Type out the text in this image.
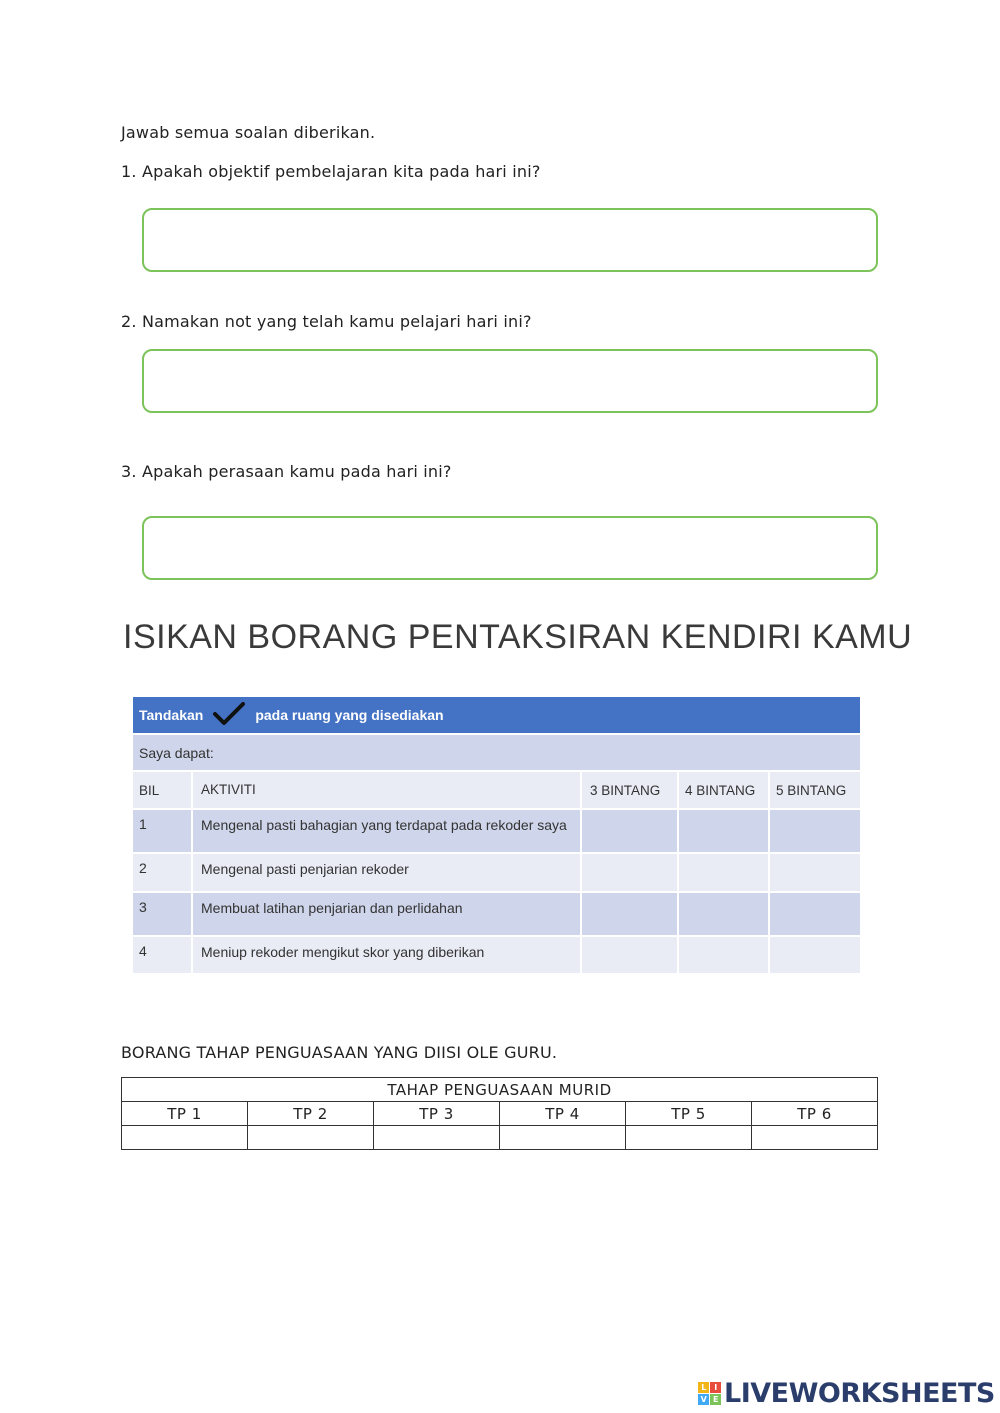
Jawab semua soalan diberikan.
1. Apakah objektif pembelajaran kita pada hari ini?
2. Namakan not yang telah kamu pelajari hari ini?
3. Apakah perasaan kamu pada hari ini?
ISIKAN BORANG PENTAKSIRAN KENDIRI KAMU
Tandakan	pada ruang yang disediakan
Saya dapat:
BIL	AKTIVITI	3 BINTANG	4 BINTANG	5 BINTANG
1	Mengenal pasti bahagian yang terdapat pada rekoder saya
2	Mengenal pasti penjarian rekoder
3	Membuat latihan penjarian dan perlidahan
4	Meniup rekoder mengikut skor yang diberikan
BORANG TAHAP PENGUASAAN YANG DIISI OLE GURU.
TAHAP PENGUASAAN MURID					
TP 1	TP 2	TP 3	TP 4	TP 5	TP 6

L	I
V E LIVEWORKSHEETS
